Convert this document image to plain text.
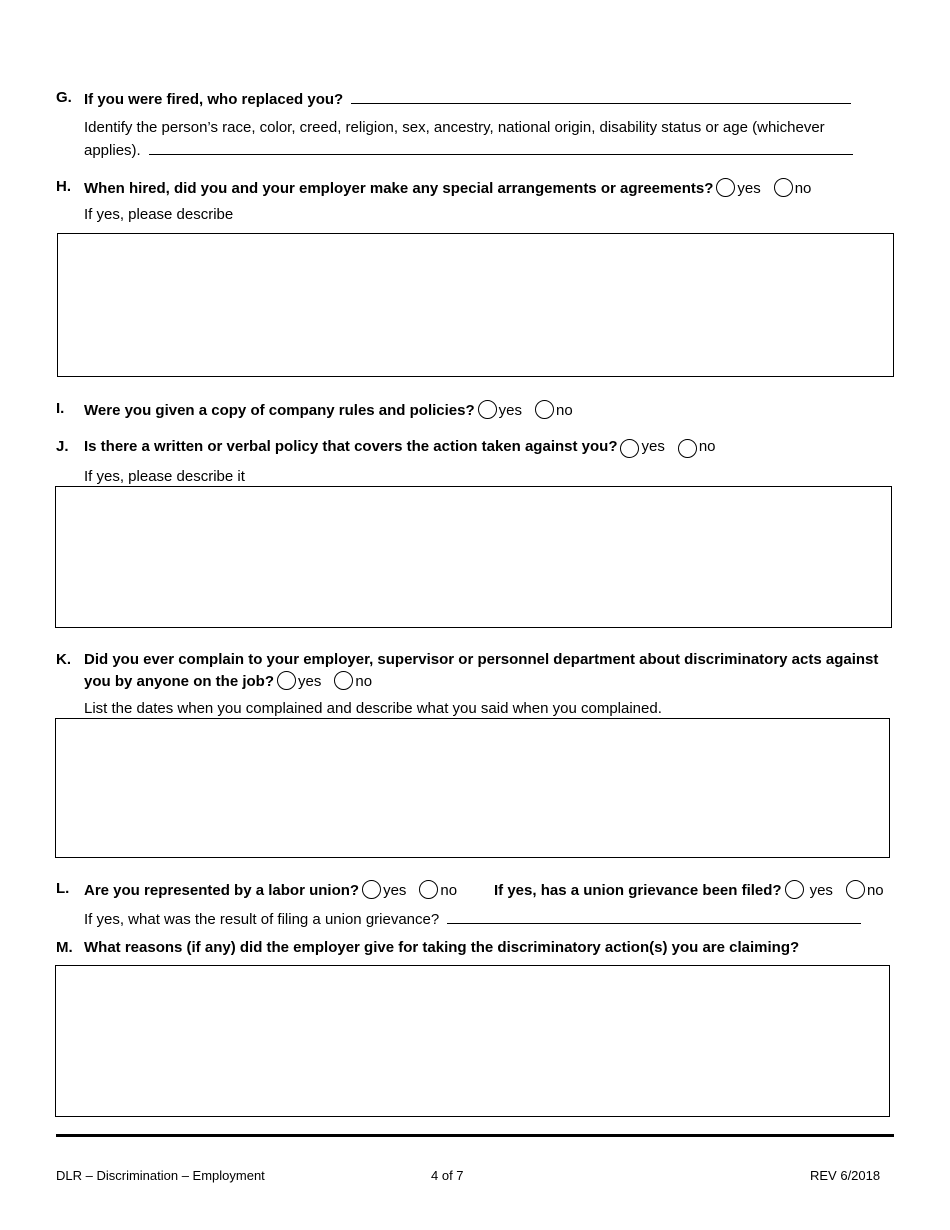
G. If you were fired, who replaced you?
Identify the person’s race, color, creed, religion, sex, ancestry, national origin, disability status or age (whichever
applies).
H. When hired, did you and your employer make any special arrangements or agreements? yes no
If yes, please describe
I. Were you given a copy of company rules and policies? yes no
J. Is there a written or verbal policy that covers the action taken against you? yes no
If yes, please describe it
K. Did you ever complain to your employer, supervisor or personnel department about discriminatory acts against
you by anyone on the job? yes no
List the dates when you complained and describe what you said when you complained.
L. Are you represented by a labor union? yes no If yes, has a union grievance been filed? yes no
If yes, what was the result of filing a union grievance?
M. What reasons (if any) did the employer give for taking the discriminatory action(s) you are claiming?
DLR – Discrimination – Employment	4 of 7	REV 6/2018
